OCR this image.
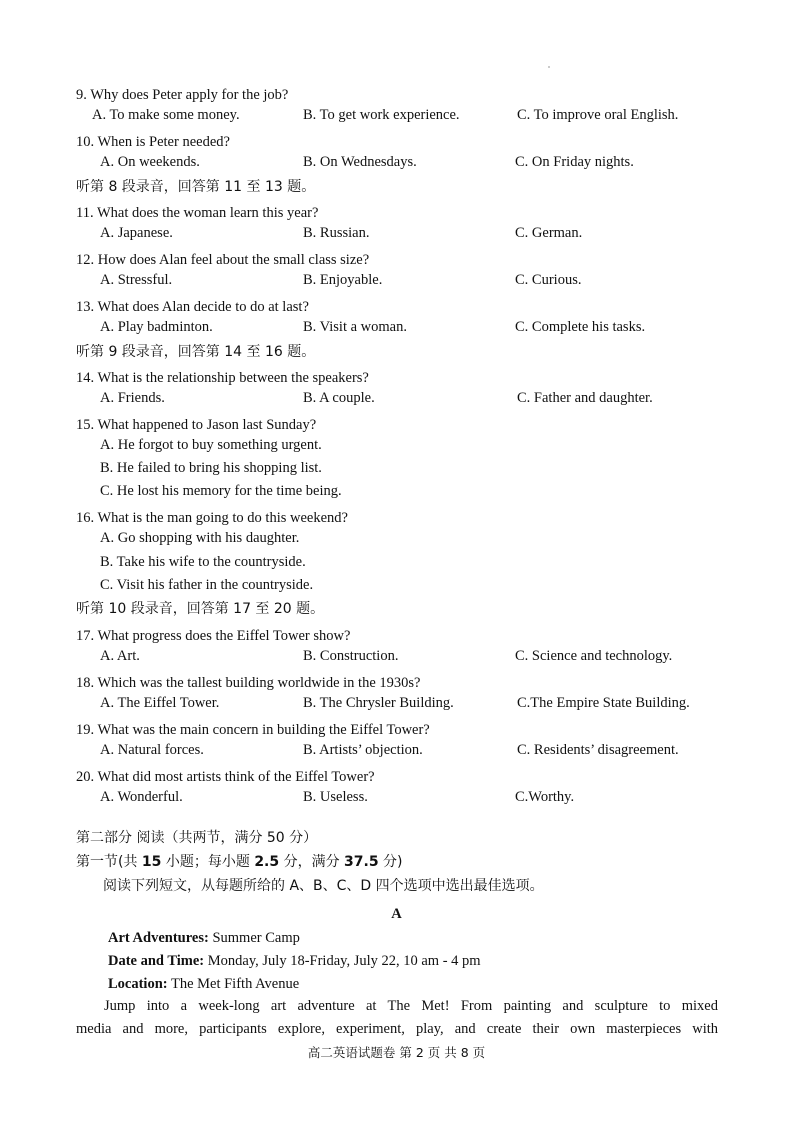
9. Why does Peter apply for the job?
A. To make some money.	B. To get work experience.	C. To improve oral English.
10. When is Peter needed?
A. On weekends.	B. On Wednesdays.	C. On Friday nights.
听第 8 段录音，回答第 11 至 13 题。
11. What does the woman learn this year?
A. Japanese.	B. Russian.	C. German.
12. How does Alan feel about the small class size?
A. Stressful.	B. Enjoyable.	C. Curious.
13. What does Alan decide to do at last?
A. Play badminton.	B. Visit a woman.	C. Complete his tasks.
听第 9 段录音，回答第 14 至 16 题。
14. What is the relationship between the speakers?
A. Friends.	B. A couple.	C. Father and daughter.
15. What happened to Jason last Sunday?
A. He forgot to buy something urgent.
B. He failed to bring his shopping list.
C. He lost his memory for the time being.
16. What is the man going to do this weekend?
A. Go shopping with his daughter.
B. Take his wife to the countryside.
C. Visit his father in the countryside.
听第 10 段录音，回答第 17 至 20 题。
17. What progress does the Eiffel Tower show?
A. Art.	B. Construction.	C. Science and technology.
18. Which was the tallest building worldwide in the 1930s?
A. The Eiffel Tower.	B. The Chrysler Building.	C.The Empire State Building.
19. What was the main concern in building the Eiffel Tower?
A. Natural forces.	B. Artists’ objection.	C. Residents’ disagreement.
20. What did most artists think of the Eiffel Tower?
A. Wonderful.	B. Useless.	C.Worthy.
第二部分 阅读（共两节，满分 50 分）
第一节(共 15 小题；每小题 2.5 分，满分 37.5 分)
阅读下列短文，从每题所给的 A、B、C、D 四个选项中选出最佳选项。
A
Art Adventures: Summer Camp
Date and Time: Monday, July 18-Friday, July 22, 10 am - 4 pm
Location: The Met Fifth Avenue
Jump into a week-long art adventure at The Met! From painting and sculpture to mixed
media and more, participants explore, experiment, play, and create their own masterpieces with
高二英语试题卷 第 2 页 共 8 页
